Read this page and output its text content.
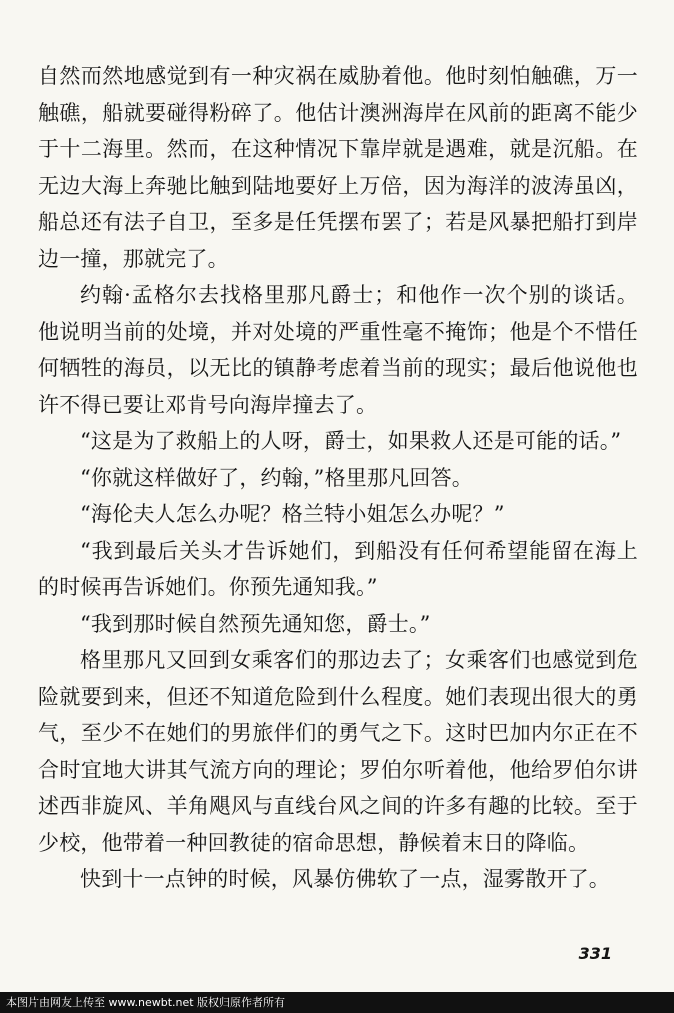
自然而然地感觉到有一种灾祸在威胁着他。他时刻怕触礁，万一触礁，船就要碰得粉碎了。他估计澳洲海岸在风前的距离不能少于十二海里。然而，在这种情况下靠岸就是遇难，就是沉船。在无边大海上奔驰比触到陆地要好上万倍，因为海洋的波涛虽凶，船总还有法子自卫，至多是任凭摆布罢了；若是风暴把船打到岸边一撞，那就完了。

约翰·孟格尔去找格里那凡爵士；和他作一次个别的谈话。他说明当前的处境，并对处境的严重性毫不掩饰；他是个不惜任何牺牲的海员，以无比的镇静考虑着当前的现实；最后他说他也许不得已要让邓肯号向海岸撞去了。

“这是为了救船上的人呀，爵士，如果救人还是可能的话。”

“你就这样做好了，约翰，”格里那凡回答。

“海伦夫人怎么办呢？格兰特小姐怎么办呢？”

“我到最后关头才告诉她们，到船没有任何希望能留在海上的时候再告诉她们。你预先通知我。”

“我到那时候自然预先通知您，爵士。”

格里那凡又回到女乘客们的那边去了；女乘客们也感觉到危险就要到来，但还不知道危险到什么程度。她们表现出很大的勇气，至少不在她们的男旅伴们的勇气之下。这时巴加内尔正在不合时宜地大讲其气流方向的理论；罗伯尔听着他，他给罗伯尔讲述西非旋风、羊角飓风与直线台风之间的许多有趣的比较。至于少校，他带着一种回教徒的宿命思想，静候着末日的降临。

快到十一点钟的时候，风暴仿佛软了一点，湿雾散开了。

331
本图片由网友上传至 www.newbt.net 版权归原作者所有
